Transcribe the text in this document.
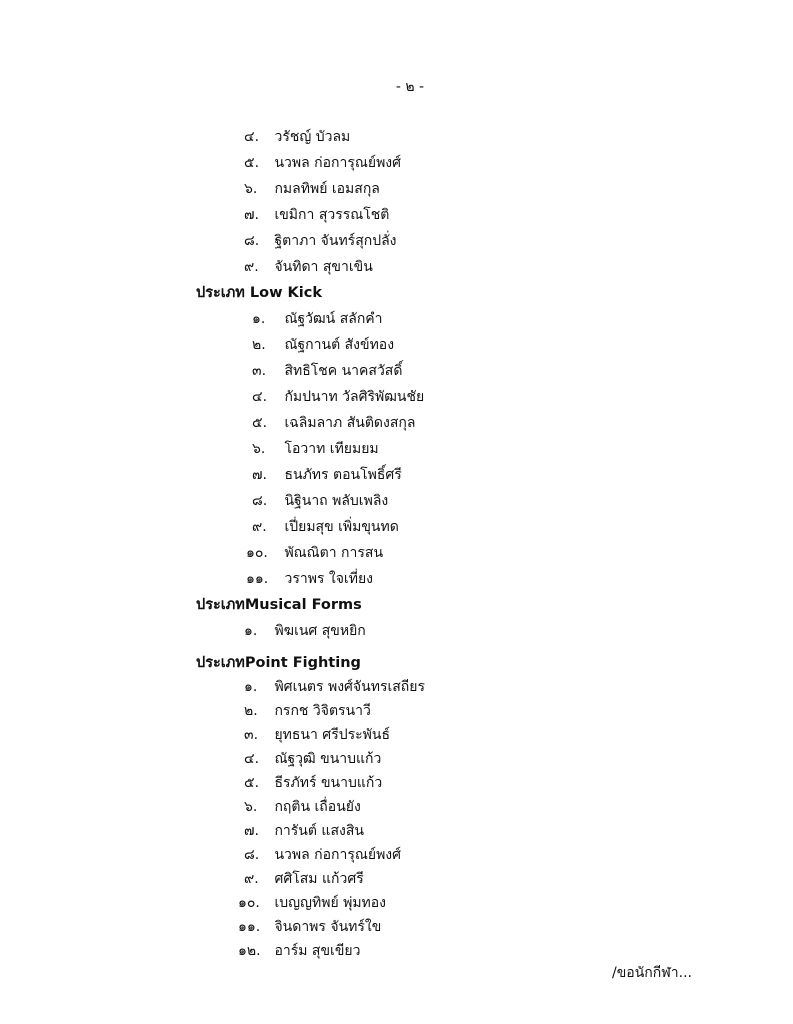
- ๒ -
๔. วรัชญ์ บัวลม
๕. นวพล ก่อการุณย์พงศ์
๖. กมลทิพย์ เอมสกุล
๗. เขมิกา สุวรรณโชติ
๘. ฐิตาภา จันทร์สุกปลั่ง
๙. จันทิดา สุขาเขิน
ประเภท Low Kick
๑. ณัฐวัฒน์ สลักคำ
๒. ณัฐกานต์ สังข์ทอง
๓. สิทธิโชค นาคสวัสดิ์
๔. กัมปนาท วัลศิริพัฒนชัย
๕. เฉลิมลาภ สันติดงสกุล
๖. โอวาท เทียมยม
๗. ธนภัทร ตอนโพธิ์ศรี
๘. นิฐินาถ พลับเพลิง
๙. เปี่ยมสุข เพิ่มขุนทด
๑๐. พัณณิตา การสน
๑๑. วราพร ใจเที่ยง
ประเภทMusical Forms
๑. พิฆเนศ สุขหยิก
ประเภทPoint Fighting
๑. พิศเนตร พงศ์จันทรเสถียร
๒. กรกช วิจิตรนาวี
๓. ยุทธนา ศรีประพันธ์
๔. ณัฐวุฒิ ขนาบแก้ว
๕. ธีรภัทร์ ขนาบแก้ว
๖. กฤติน เถื่อนยัง
๗. การันต์ แสงสิน
๘. นวพล ก่อการุณย์พงศ์
๙. ศศิโสม แก้วศรี
๑๐. เบญญทิพย์ พุ่มทอง
๑๑. จินดาพร จันทร์ใข
๑๒. อาร์ม สุขเขียว
/ขอนักกีฬา...
